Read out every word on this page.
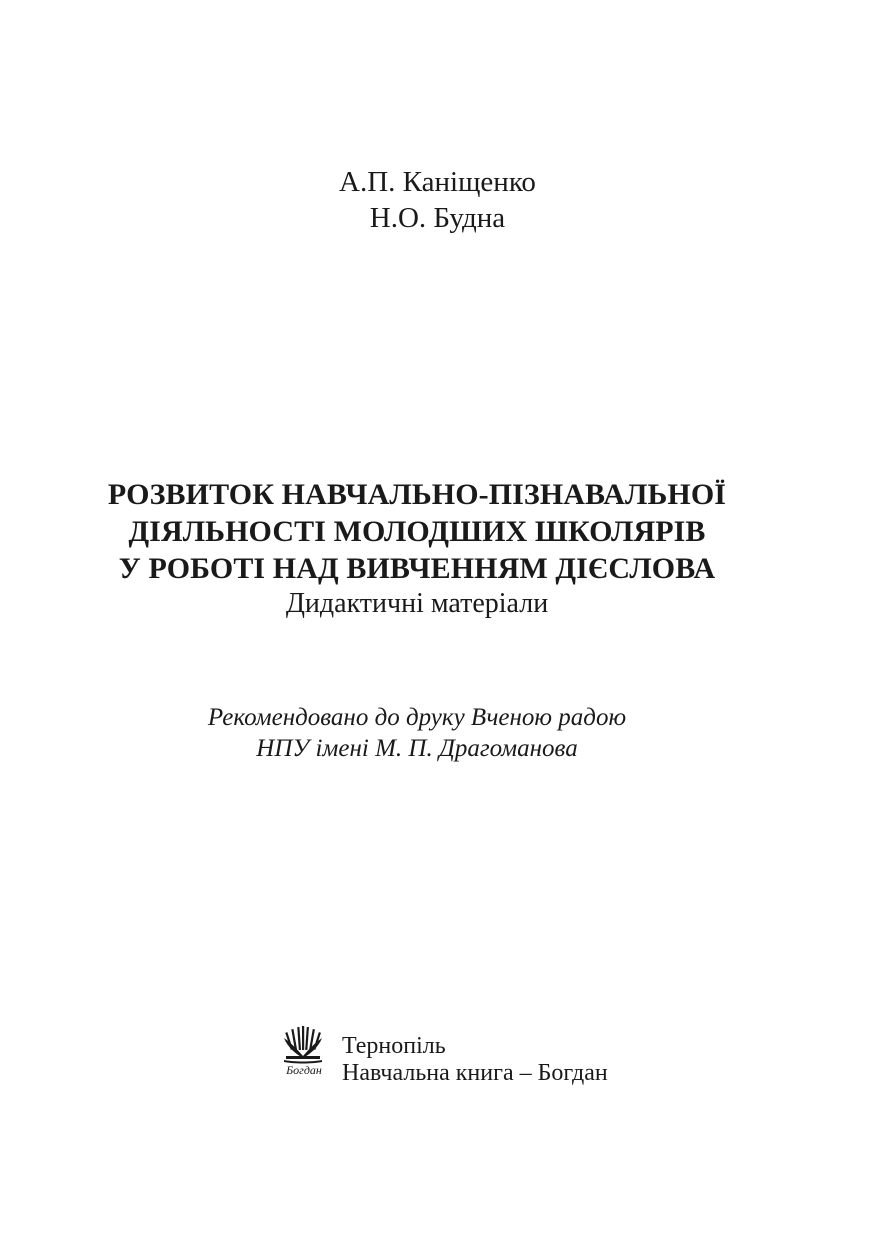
А.П. Каніщенко
Н.О. Будна
РОЗВИТОК НАВЧАЛЬНО-ПІЗНАВАЛЬНОЇ
ДІЯЛЬНОСТІ МОЛОДШИХ ШКОЛЯРІВ
У РОБОТІ НАД ВИВЧЕННЯМ ДІЄСЛОВА
Дидактичні матеріали
Рекомендовано до друку Вченою радою
НПУ імені М. П. Драгоманова
Богдан
Тернопіль
Навчальна книга – Богдан
